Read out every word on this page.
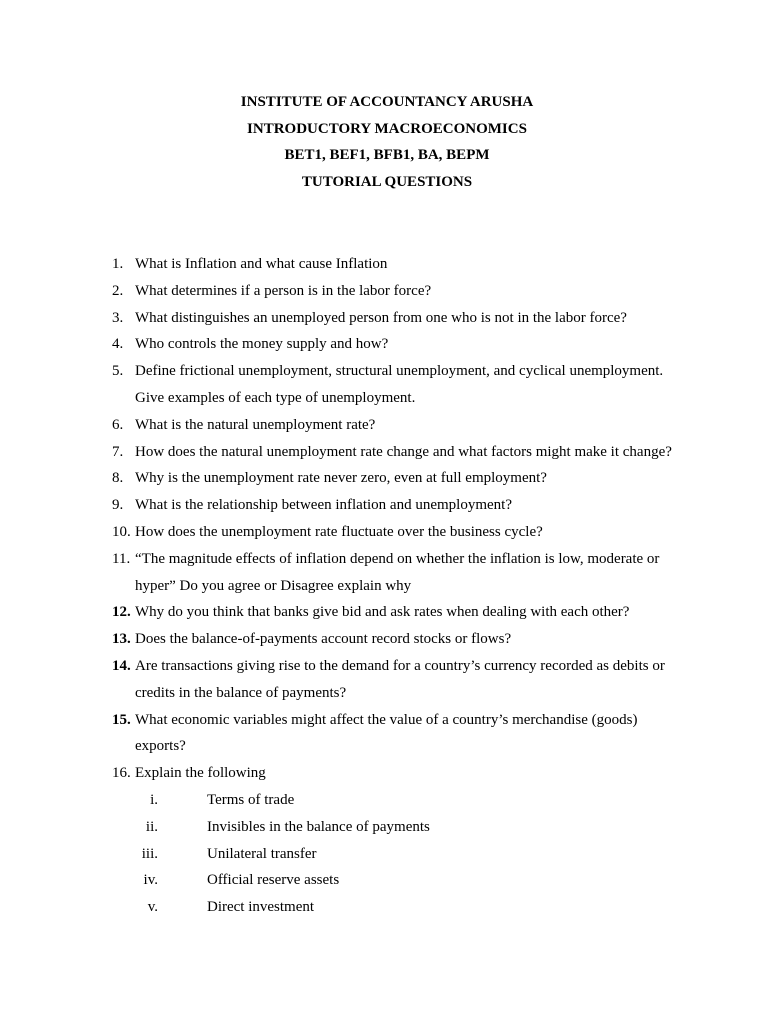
INSTITUTE OF ACCOUNTANCY ARUSHA
INTRODUCTORY MACROECONOMICS
BET1, BEF1, BFB1, BA, BEPM
TUTORIAL QUESTIONS
1. What is Inflation and what cause Inflation
2. What determines if a person is in the labor force?
3. What distinguishes an unemployed person from one who is not in the labor force?
4. Who controls the money supply and how?
5. Define frictional unemployment, structural unemployment, and cyclical unemployment.
Give examples of each type of unemployment.
6. What is the natural unemployment rate?
7. How does the natural unemployment rate change and what factors might make it change?
8. Why is the unemployment rate never zero, even at full employment?
9. What is the relationship between inflation and unemployment?
10. How does the unemployment rate fluctuate over the business cycle?
11. “The magnitude effects of inflation depend on whether the inflation is low, moderate or
hyper” Do you agree or Disagree explain why
12. Why do you think that banks give bid and ask rates when dealing with each other?
13. Does the balance-of-payments account record stocks or flows?
14. Are transactions giving rise to the demand for a country’s currency recorded as debits or
credits in the balance of payments?
15. What economic variables might affect the value of a country’s merchandise (goods)
exports?
16. Explain the following
i.	Terms of trade
ii.	Invisibles in the balance of payments
iii.	Unilateral transfer
iv.	Official reserve assets
v.	Direct investment
